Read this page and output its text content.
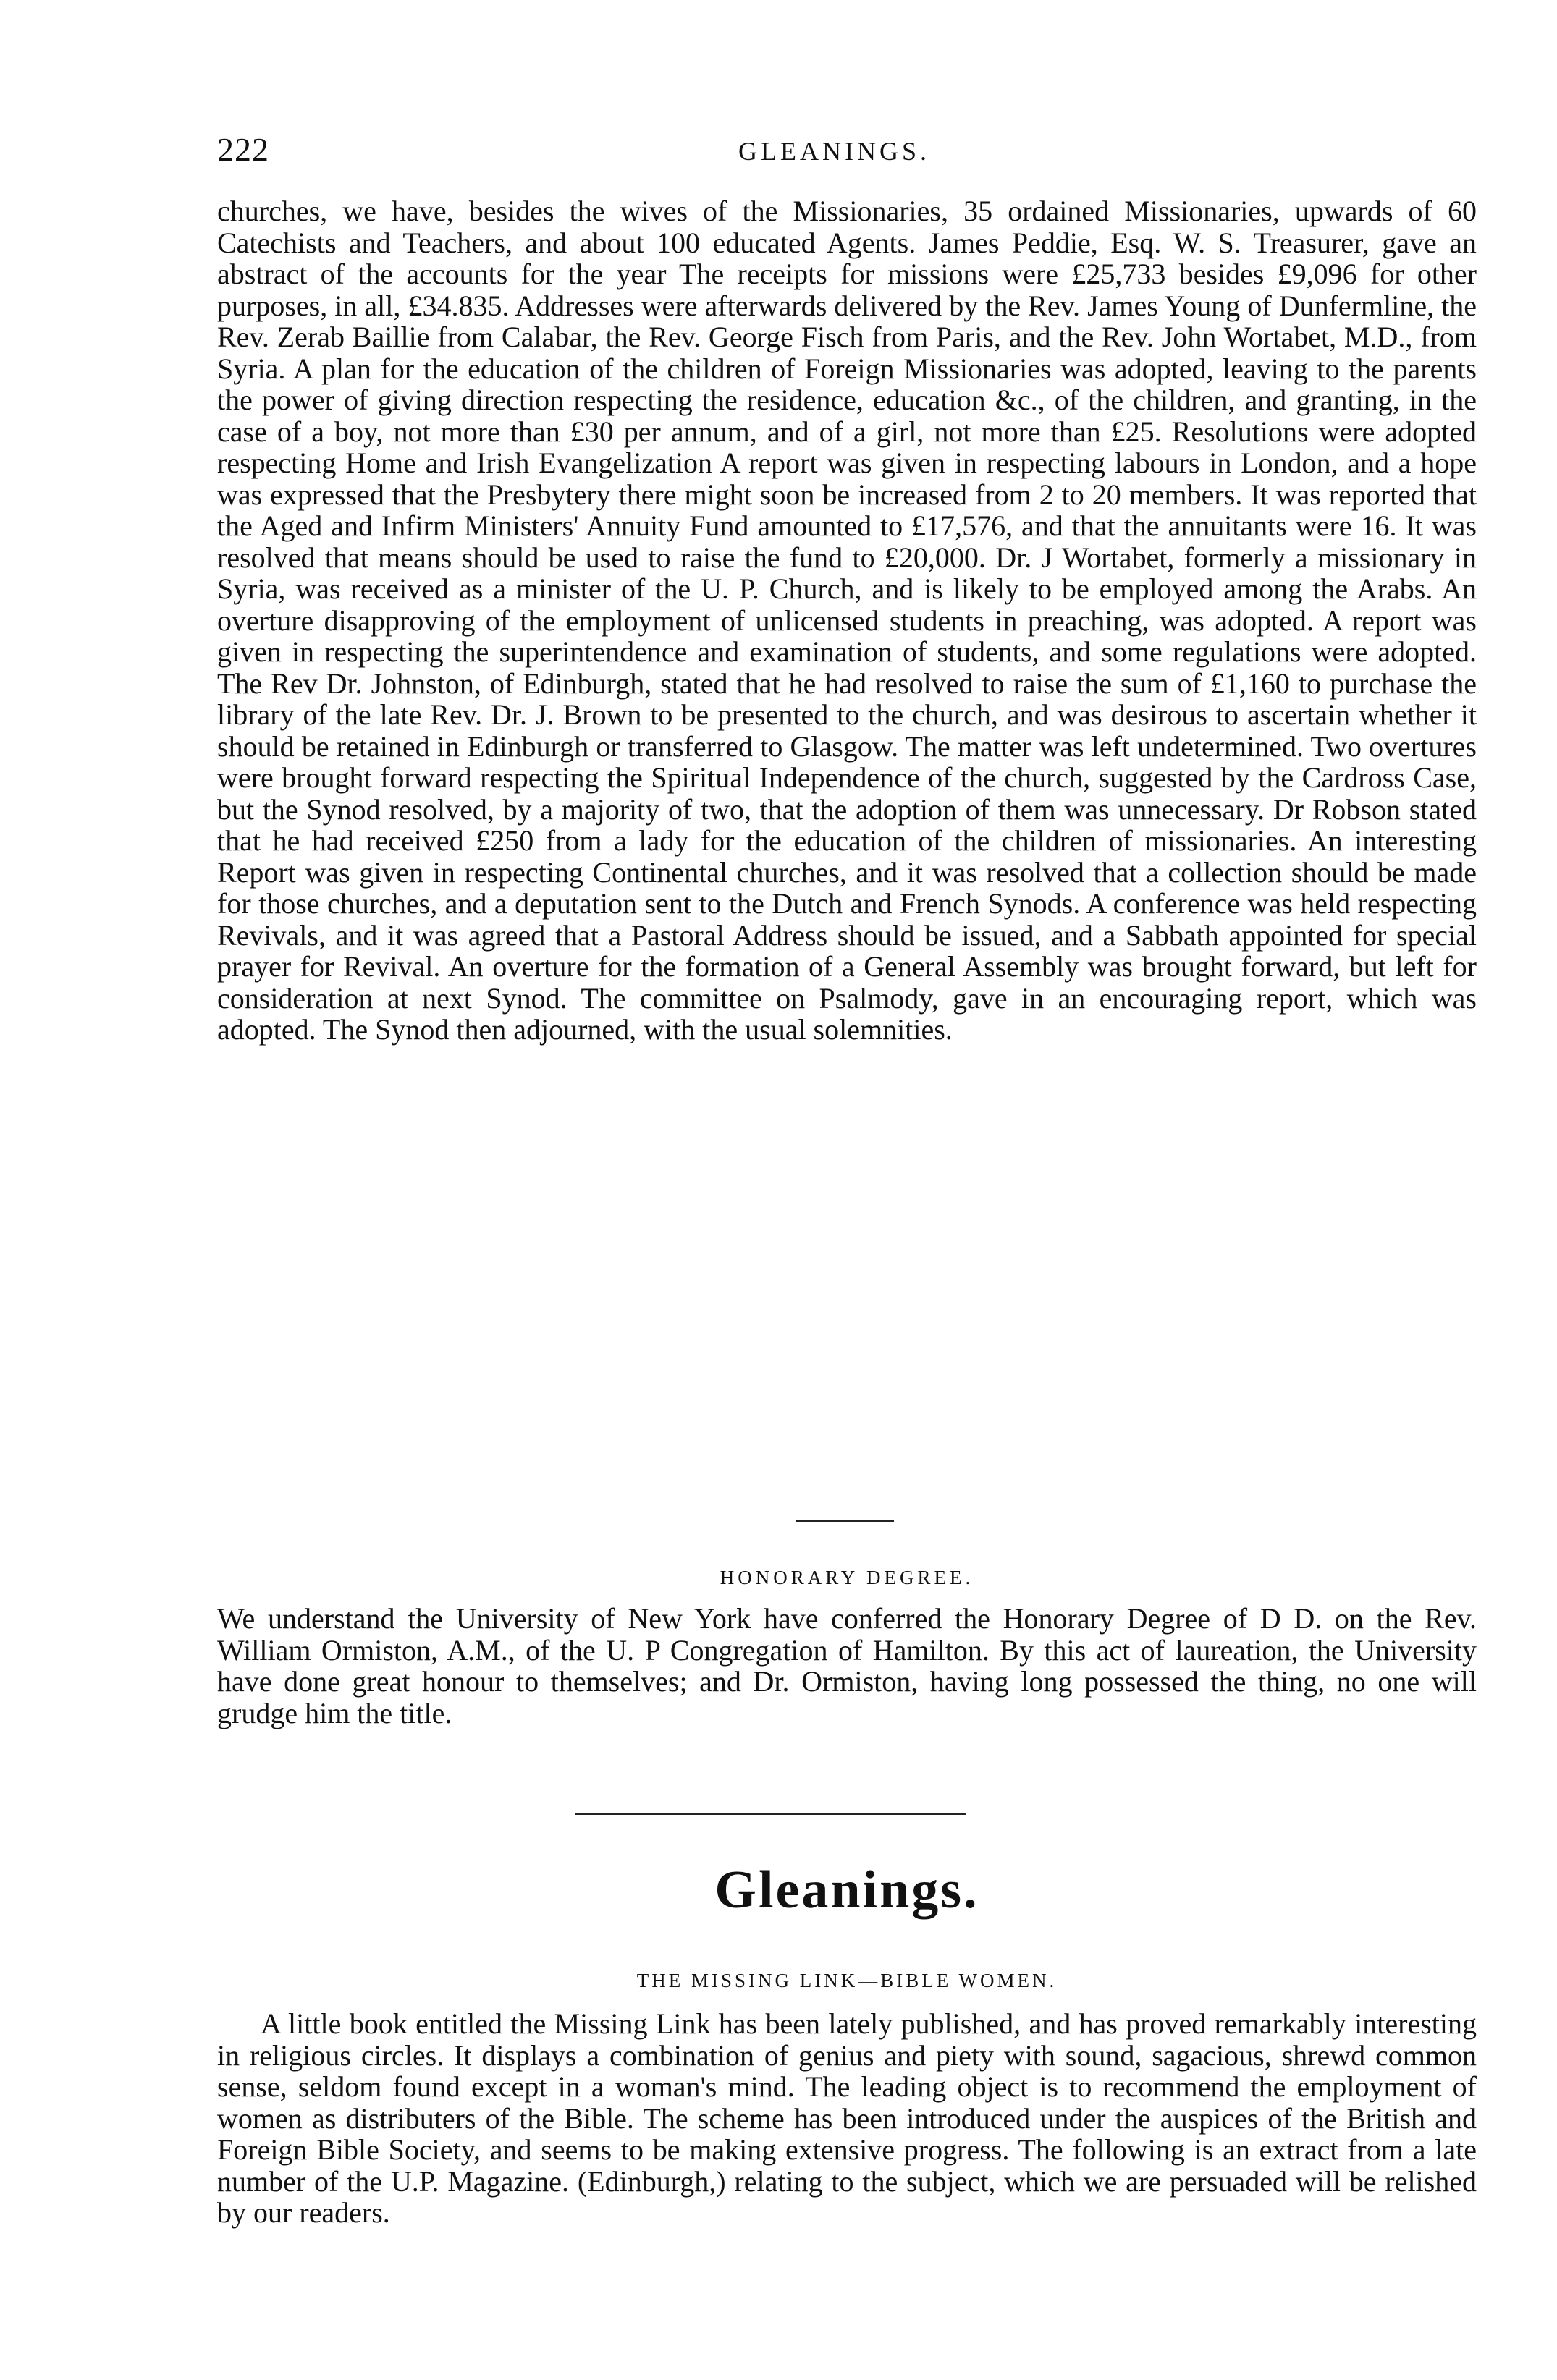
222	GLEANINGS.

churches, we have, besides the wives of the Missionaries, 35 ordained Missionaries, upwards of 60 Catechists and Teachers, and about 100 educated Agents. James Peddie, Esq. W. S. Treasurer, gave an abstract of the accounts for the year The receipts for missions were £25,733 besides £9,096 for other purposes, in all, £34.835. Addresses were afterwards delivered by the Rev. James Young of Dunfermline, the Rev. Zerab Baillie from Calabar, the Rev. George Fisch from Paris, and the Rev. John Wortabet, M.D., from Syria. A plan for the education of the children of Foreign Missionaries was adopted, leaving to the parents the power of giving direction respecting the residence, education &c., of the children, and granting, in the case of a boy, not more than £30 per annum, and of a girl, not more than £25. Resolutions were adopted respecting Home and Irish Evangelization A report was given in respecting labours in London, and a hope was expressed that the Presbytery there might soon be increased from 2 to 20 members. It was reported that the Aged and Infirm Ministers' Annuity Fund amounted to £17,576, and that the annuitants were 16. It was resolved that means should be used to raise the fund to £20,000. Dr. J Wortabet, formerly a missionary in Syria, was received as a minister of the U. P. Church, and is likely to be employed among the Arabs. An overture disapproving of the employment of unlicensed students in preaching, was adopted. A report was given in respecting the superintendence and examination of students, and some regulations were adopted. The Rev Dr. Johnston, of Edinburgh, stated that he had resolved to raise the sum of £1,160 to purchase the library of the late Rev. Dr. J. Brown to be presented to the church, and was desirous to ascertain whether it should be retained in Edinburgh or transferred to Glasgow. The matter was left undetermined. Two overtures were brought forward respecting the Spiritual Independence of the church, suggested by the Cardross Case, but the Synod resolved, by a majority of two, that the adoption of them was unnecessary. Dr Robson stated that he had received £250 from a lady for the education of the children of missionaries. An interesting Report was given in respecting Continental churches, and it was resolved that a collection should be made for those churches, and a deputation sent to the Dutch and French Synods. A conference was held respecting Revivals, and it was agreed that a Pastoral Address should be issued, and a Sabbath appointed for special prayer for Revival. An overture for the formation of a General Assembly was brought forward, but left for consideration at next Synod. The committee on Psalmody, gave in an encouraging report, which was adopted. The Synod then adjourned, with the usual solemnities.

HONORARY DEGREE.

We understand the University of New York have conferred the Honorary Degree of D D. on the Rev. William Ormiston, A.M., of the U. P Congregation of Hamilton. By this act of laureation, the University have done great honour to themselves; and Dr. Ormiston, having long possessed the thing, no one will grudge him the title.

Gleanings.
THE MISSING LINK—BIBLE WOMEN.

A little book entitled the Missing Link has been lately published, and has proved remarkably interesting in religious circles. It displays a combination of genius and piety with sound, sagacious, shrewd common sense, seldom found except in a woman's mind. The leading object is to recommend the employment of women as distributers of the Bible. The scheme has been introduced under the auspices of the British and Foreign Bible Society, and seems to be making extensive progress. The following is an extract from a late number of the U.P. Magazine. (Edinburgh,) relating to the subject, which we are persuaded will be relished by our readers.
